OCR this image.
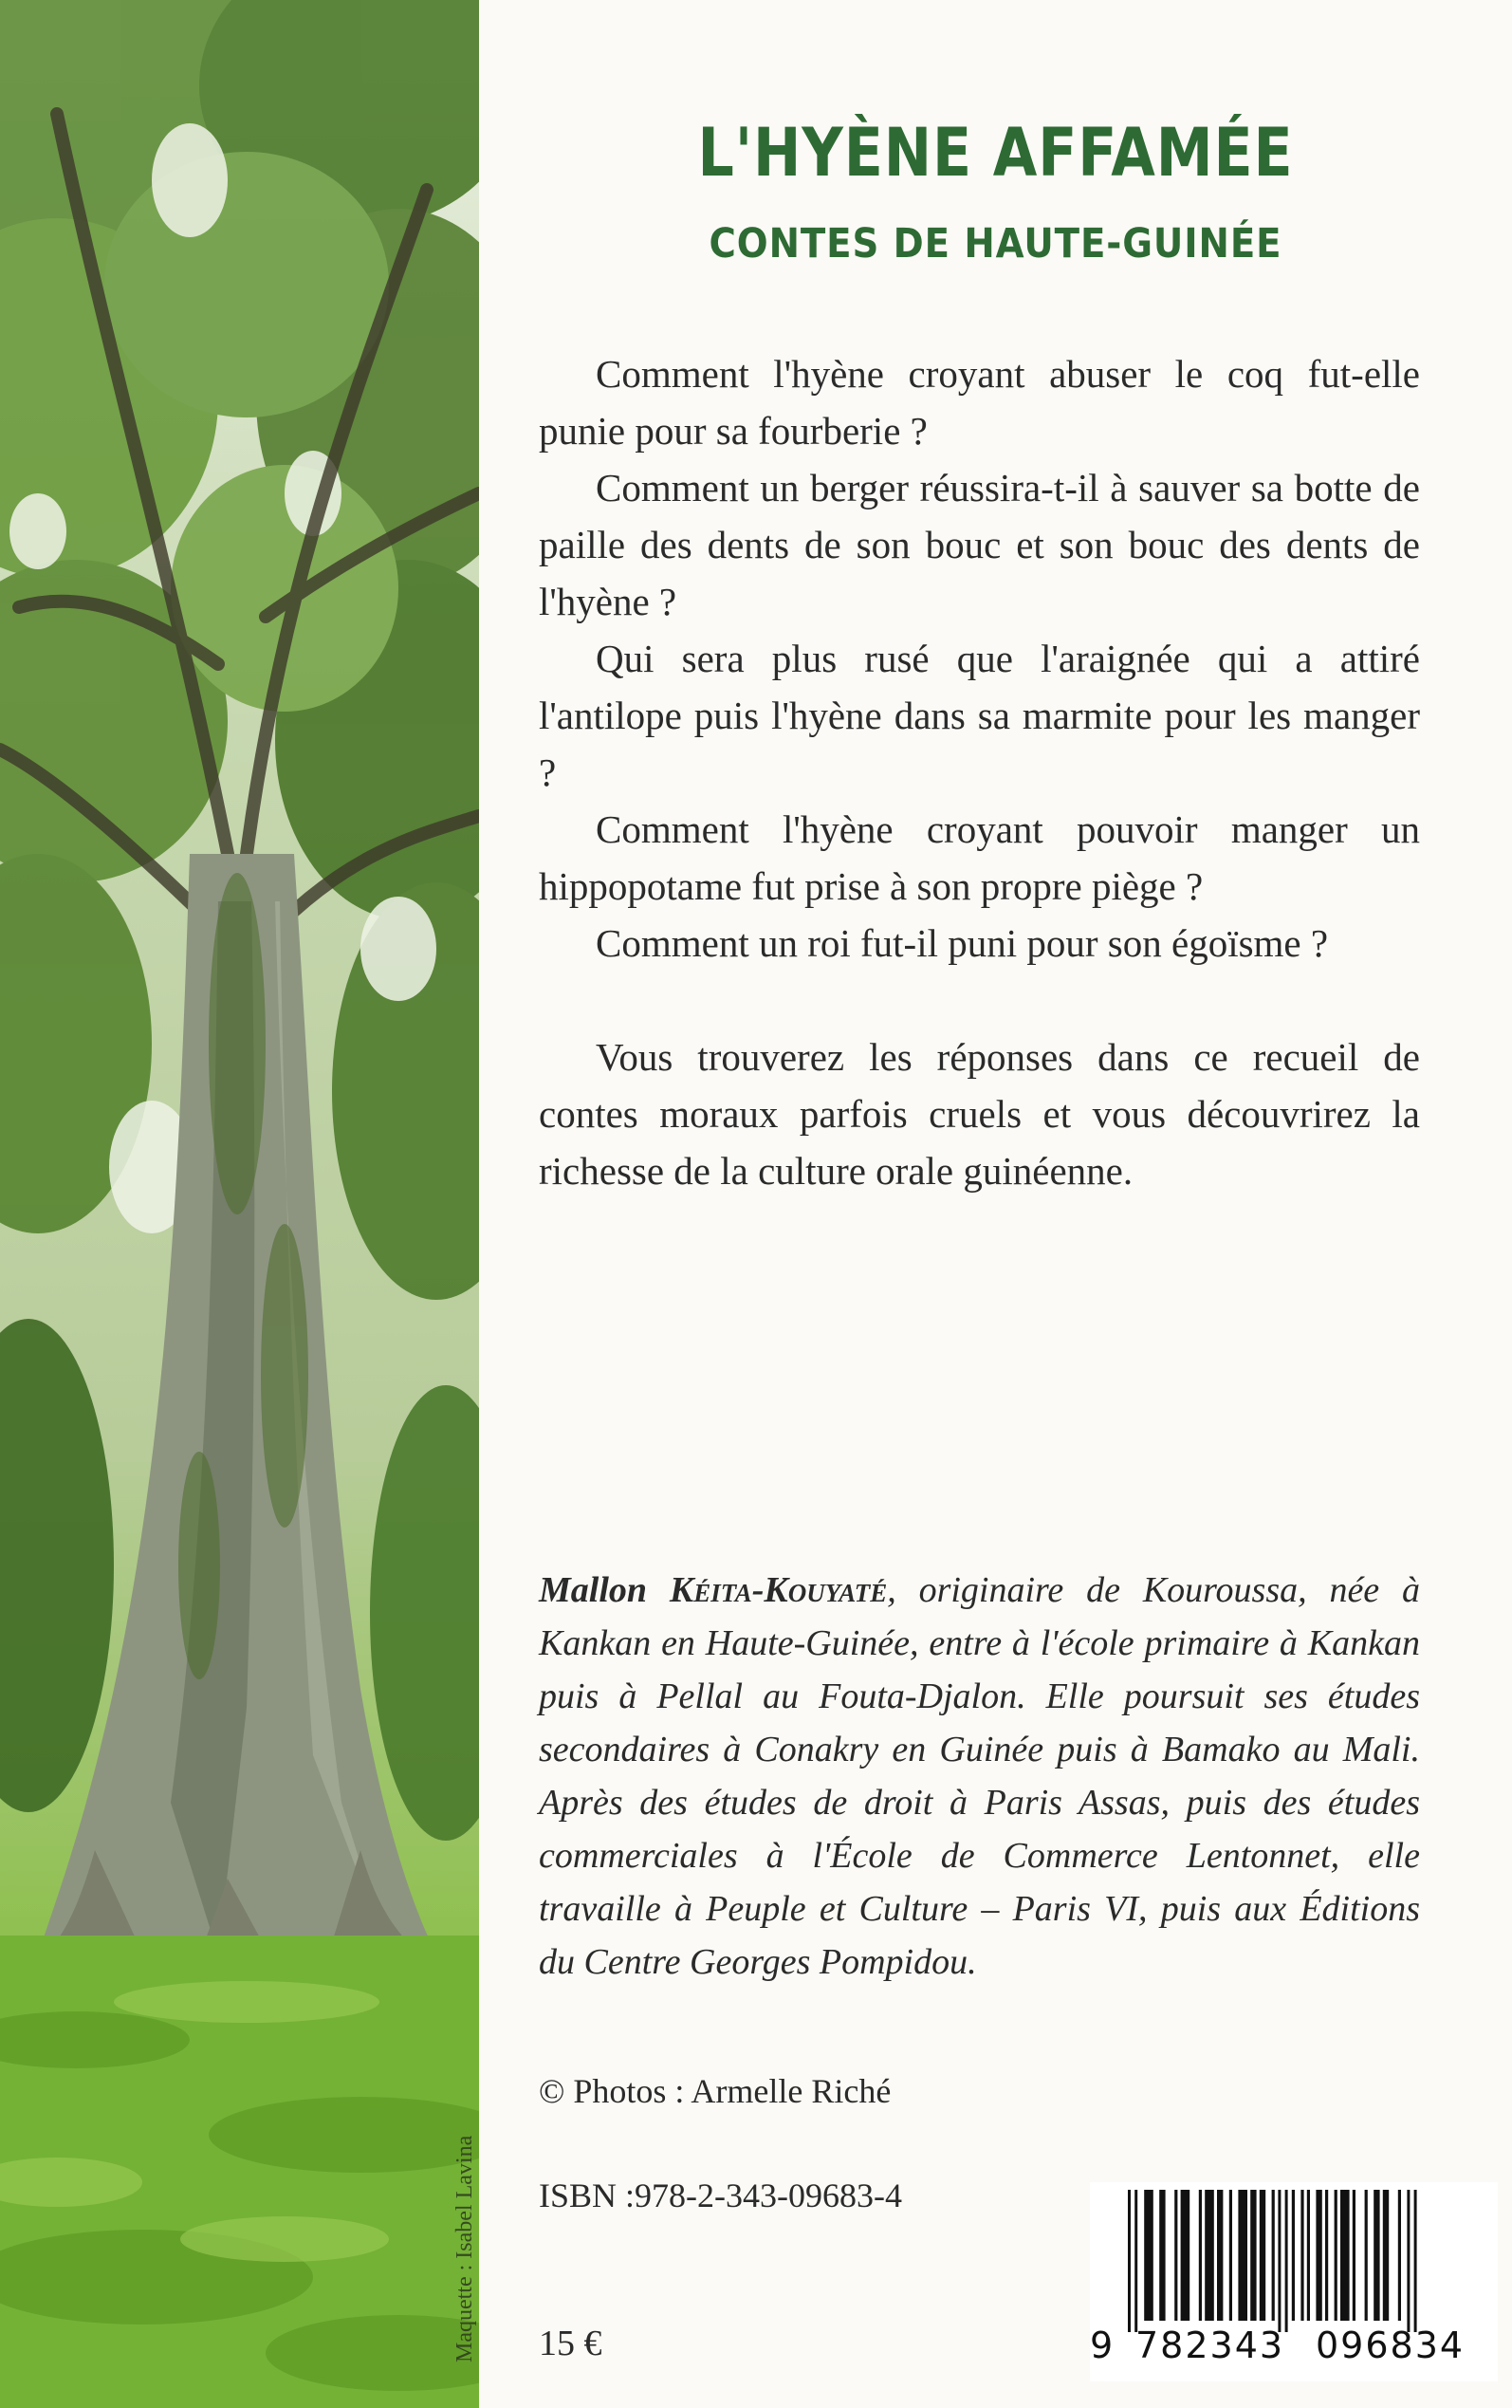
Maquette : Isabel Lavina
L'HYÈNE AFFAMÉE
CONTES DE HAUTE-GUINÉE

Comment l'hyène croyant abuser le coq fut-elle punie pour sa fourberie ?

Comment un berger réussira-t-il à sauver sa botte de paille des dents de son bouc et son bouc des dents de l'hyène ?

Qui sera plus rusé que l'araignée qui a attiré l'antilope puis l'hyène dans sa marmite pour les manger ?

Comment l'hyène croyant pouvoir manger un hippopotame fut prise à son propre piège ?

Comment un roi fut-il puni pour son égoïsme ?

Vous trouverez les réponses dans ce recueil de contes moraux parfois cruels et vous découvrirez la richesse de la culture orale guinéenne.

Mallon Kéita-Kouyaté, originaire de Kouroussa, née à Kankan en Haute-Guinée, entre à l'école primaire à Kankan puis à Pellal au Fouta-Djalon. Elle poursuit ses études secondaires à Conakry en Guinée puis à Bamako au Mali. Après des études de droit à Paris Assas, puis des études commerciales à l'École de Commerce Lentonnet, elle travaille à Peuple et Culture – Paris VI, puis aux Éditions du Centre Georges Pompidou.
© Photos : Armelle Riché
ISBN :978-2-343-09683-4
15 €	9 782343 096834
